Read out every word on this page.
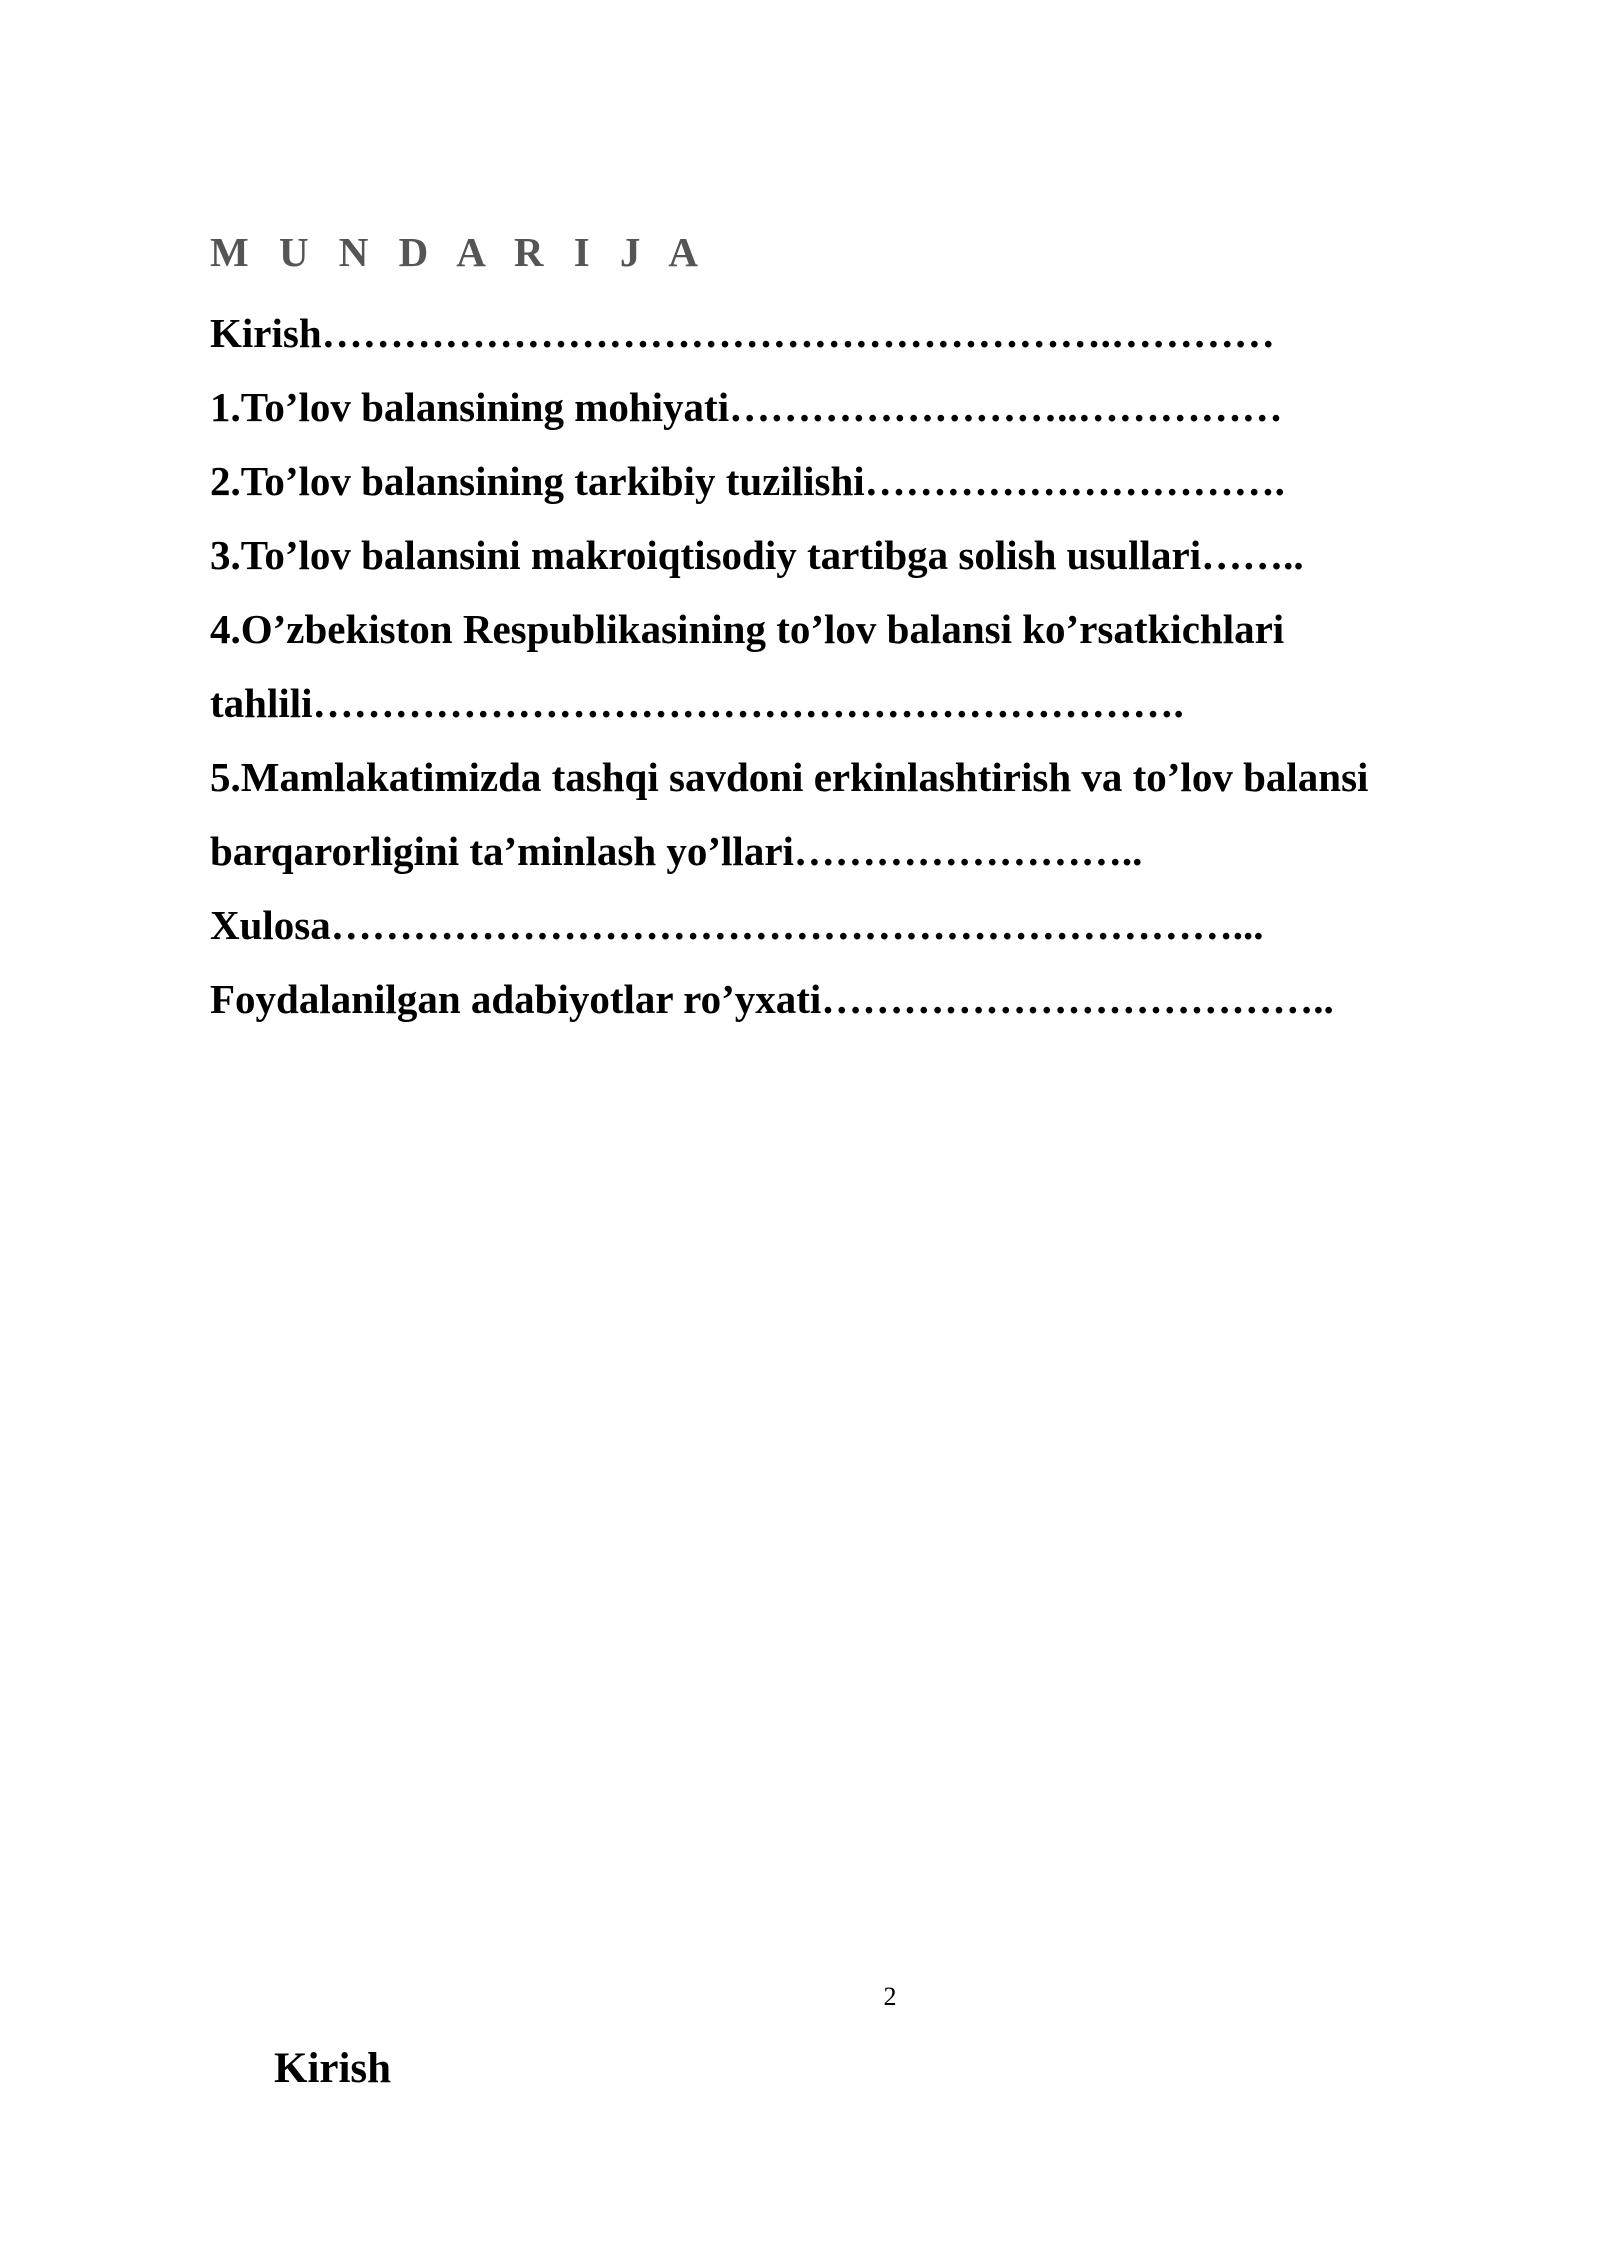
M U N D A R I J A
Kirish………………………………………………….…………
1.To’lov balansining mohiyati……………………..……………
2.To’lov balansining tarkibiy tuzilishi………………………….
3.To’lov balansini makroiqtisodiy tartibga solish usullari……..
4.O’zbekiston Respublikasining to’lov balansi ko’rsatkichlari
tahlili……………………………………………………….
5.Mamlakatimizda tashqi savdoni erkinlashtirish va to’lov balansi
barqarorligini ta’minlash yo’llari……………………..
Xulosa…………………………………………………………...
Foydalanilgan adabiyotlar ro’yxati………………………………..
2
Kirish
